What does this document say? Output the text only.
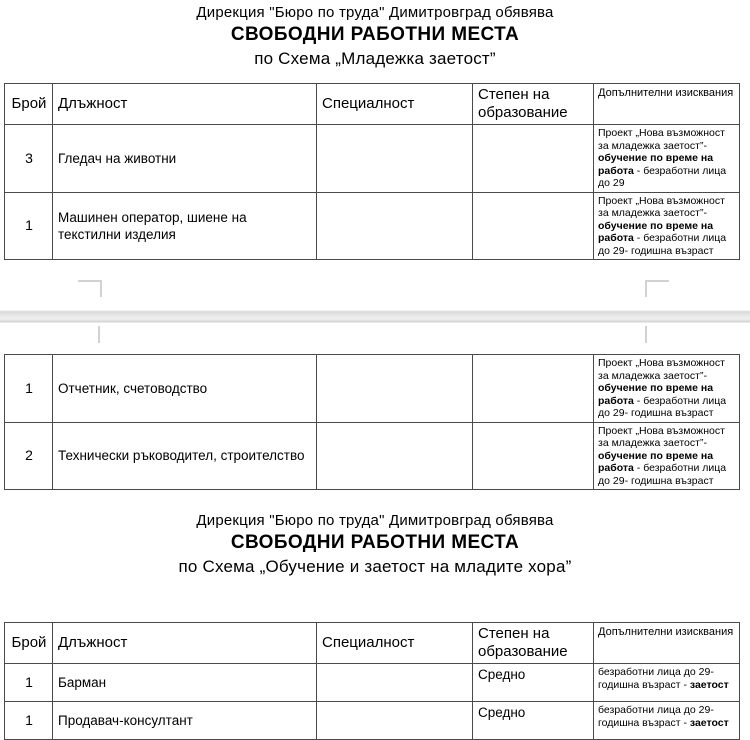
Дирекция "Бюро по труда" Димитровград обявява
СВОБОДНИ РАБОТНИ МЕСТА
по Схема „Младежка заетост”
Брой	Длъжност	Специалност	Степен на
образование	Допълнителни изисквания

3	Гледач на животни			Проект „Нова възможност за младежка заетост”-обучение по време на работа - безработни лица до 29

1	Машинен оператор, шиене на текстилни изделия			Проект „Нова възможност за младежка заетост”-обучение по време на работа - безработни лица до 29- годишна възраст
1	Отчетник, счетоводство			Проект „Нова възможност за младежка заетост”-обучение по време на работа - безработни лица до 29- годишна възраст

2	Технически ръководител, строителство			Проект „Нова възможност за младежка заетост”-обучение по време на работа - безработни лица до 29- годишна възраст
Дирекция "Бюро по труда" Димитровград обявява
СВОБОДНИ РАБОТНИ МЕСТА
по Схема „Обучение и заетост на младите хора”
Брой	Длъжност	Специалност	Степен на
образование	Допълнителни изисквания

1	Барман		Средно	безработни лица до 29- годишна възраст - заетост

1	Продавач-консултант		Средно	безработни лица до 29- годишна възраст - заетост
